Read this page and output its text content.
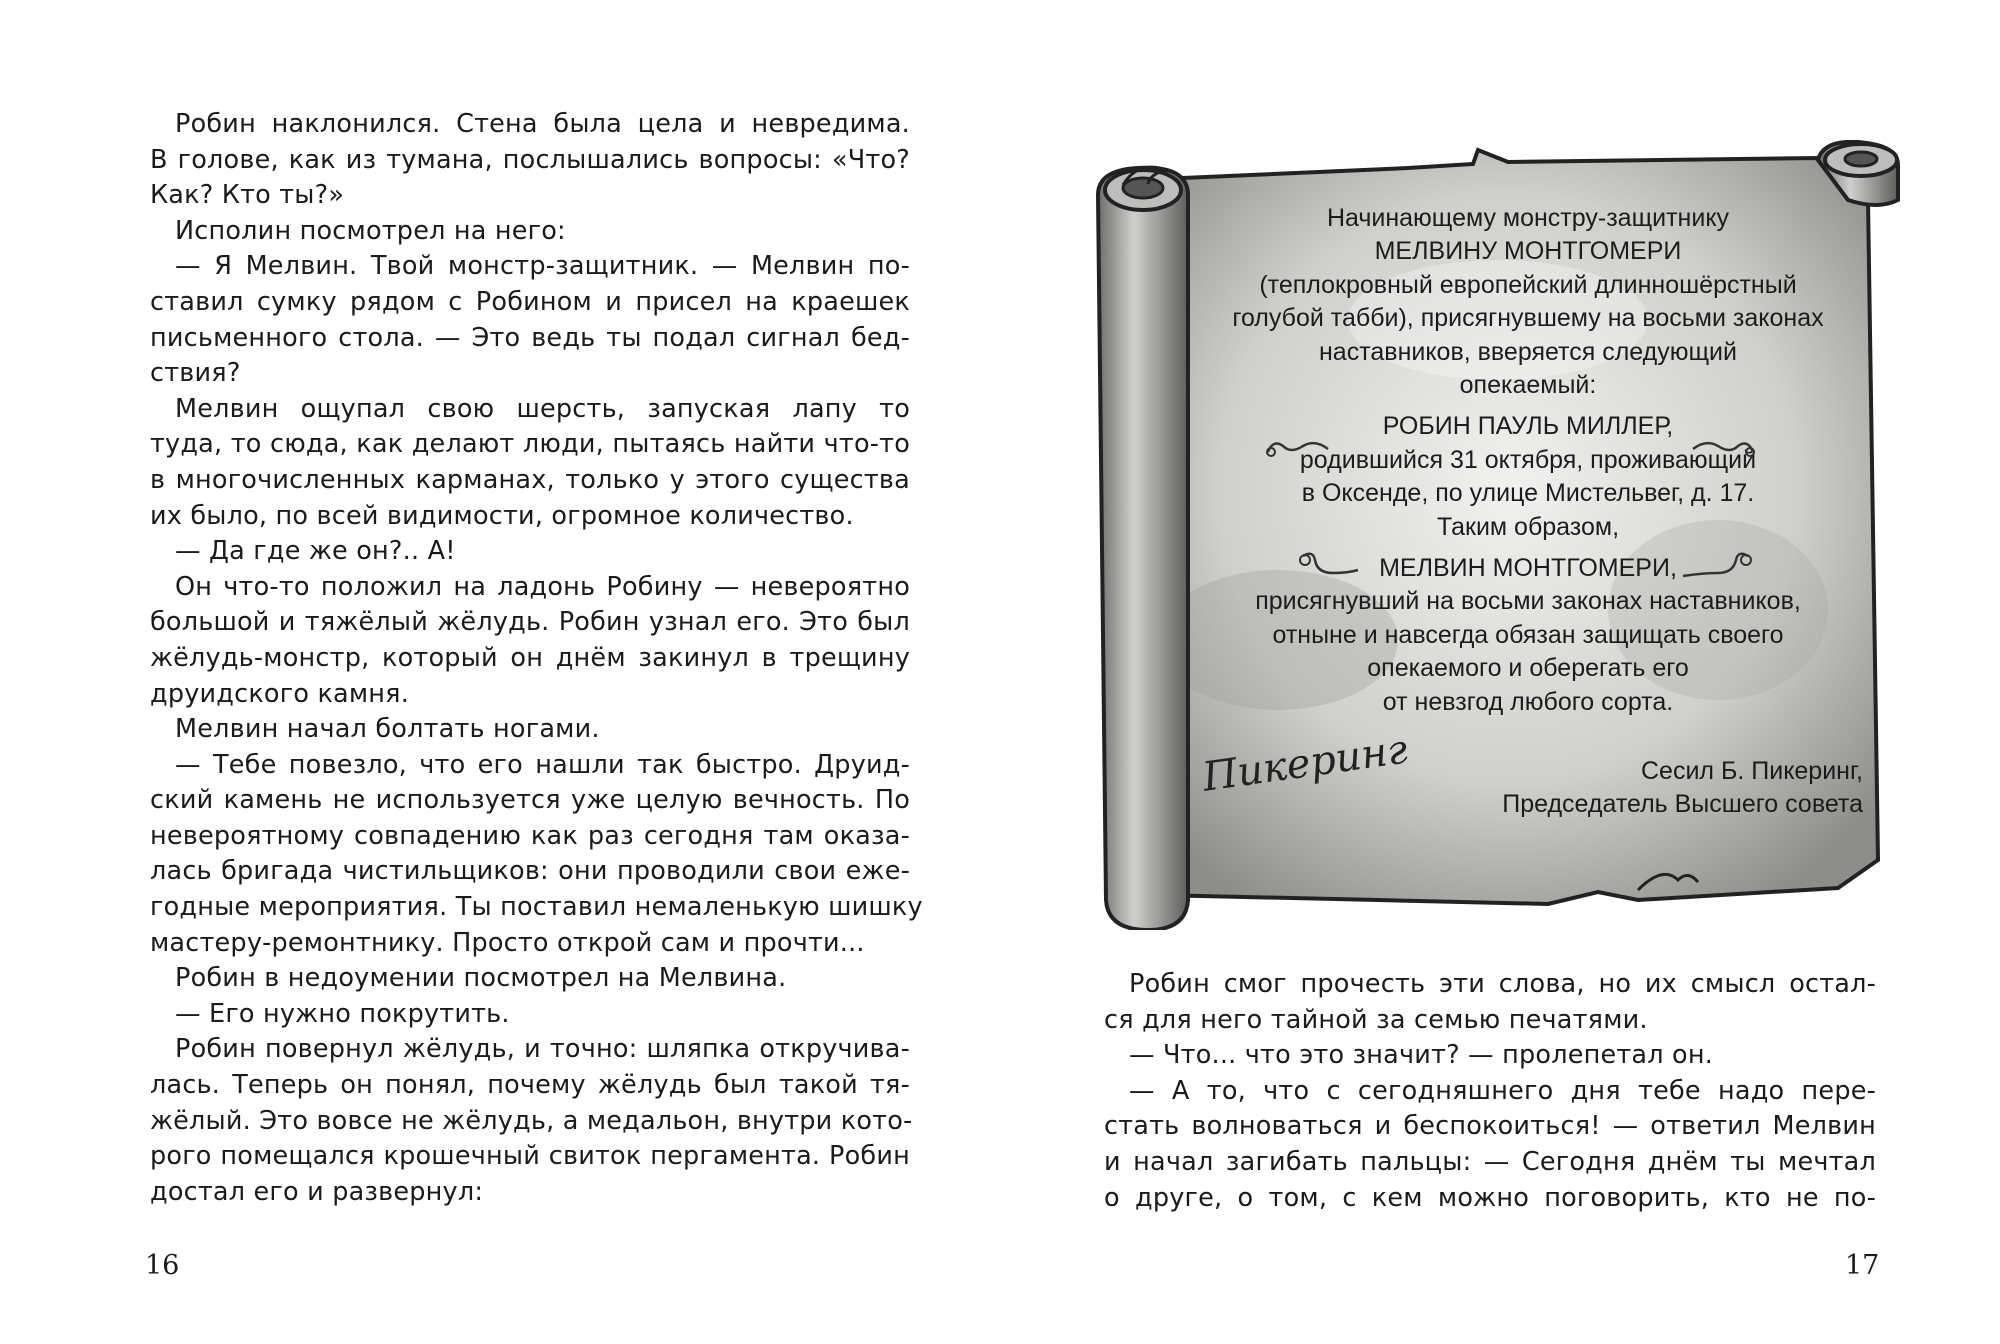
Робин наклонился. Стена была цела и невредима.

В голове, как из тумана, послышались вопросы: «Что?

Как? Кто ты?»

Исполин посмотрел на него:

— Я Мелвин. Твой монстр-защитник. — Мелвин по-

ставил сумку рядом с Робином и присел на краешек

письменного стола. — Это ведь ты подал сигнал бед-

ствия?

Мелвин ощупал свою шерсть, запуская лапу то

туда, то сюда, как делают люди, пытаясь найти что-то

в многочисленных карманах, только у этого существа

их было, по всей видимости, огромное количество.

— Да где же он?.. А!

Он что-то положил на ладонь Робину — невероятно

большой и тяжёлый жёлудь. Робин узнал его. Это был

жёлудь-монстр, который он днём закинул в трещину

друидского камня.

Мелвин начал болтать ногами.

— Тебе повезло, что его нашли так быстро. Друид-

ский камень не используется уже целую вечность. По

невероятному совпадению как раз сегодня там оказа-

лась бригада чистильщиков: они проводили свои еже-

годные мероприятия. Ты поставил немаленькую шишку

мастеру-ремонтнику. Просто открой сам и прочти...

Робин в недоумении посмотрел на Мелвина.

— Его нужно покрутить.

Робин повернул жёлудь, и точно: шляпка откручива-

лась. Теперь он понял, почему жёлудь был такой тя-

жёлый. Это вовсе не жёлудь, а медальон, внутри кото-

рого помещался крошечный свиток пергамента. Робин

достал его и развернул:

16
Начинающему монстру-защитнику
МЕЛВИНУ МОНТГОМЕРИ
(теплокровный европейский длинношёрстный
голубой табби), присягнувшему на восьми законах
наставников, вверяется следующий
опекаемый:
РОБИН ПАУЛЬ МИЛЛЕР,
родившийся 31 октября, проживающий
в Оксенде, по улице Мистельвег, д. 17.
Таким образом,
МЕЛВИН МОНТГОМЕРИ,
присягнувший на восьми законах наставников,
отныне и навсегда обязан защищать своего
опекаемого и оберегать его
от невзгод любого сорта.
Пикеринг	Сесил Б. Пикеринг,
Председатель Высшего совета

Робин смог прочесть эти слова, но их смысл остал-

ся для него тайной за семью печатями.

— Что... что это значит? — пролепетал он.

— А то, что с сегодняшнего дня тебе надо пере-

стать волноваться и беспокоиться! — ответил Мелвин

и начал загибать пальцы: — Сегодня днём ты мечтал

о друге, о том, с кем можно поговорить, кто не по-

17
